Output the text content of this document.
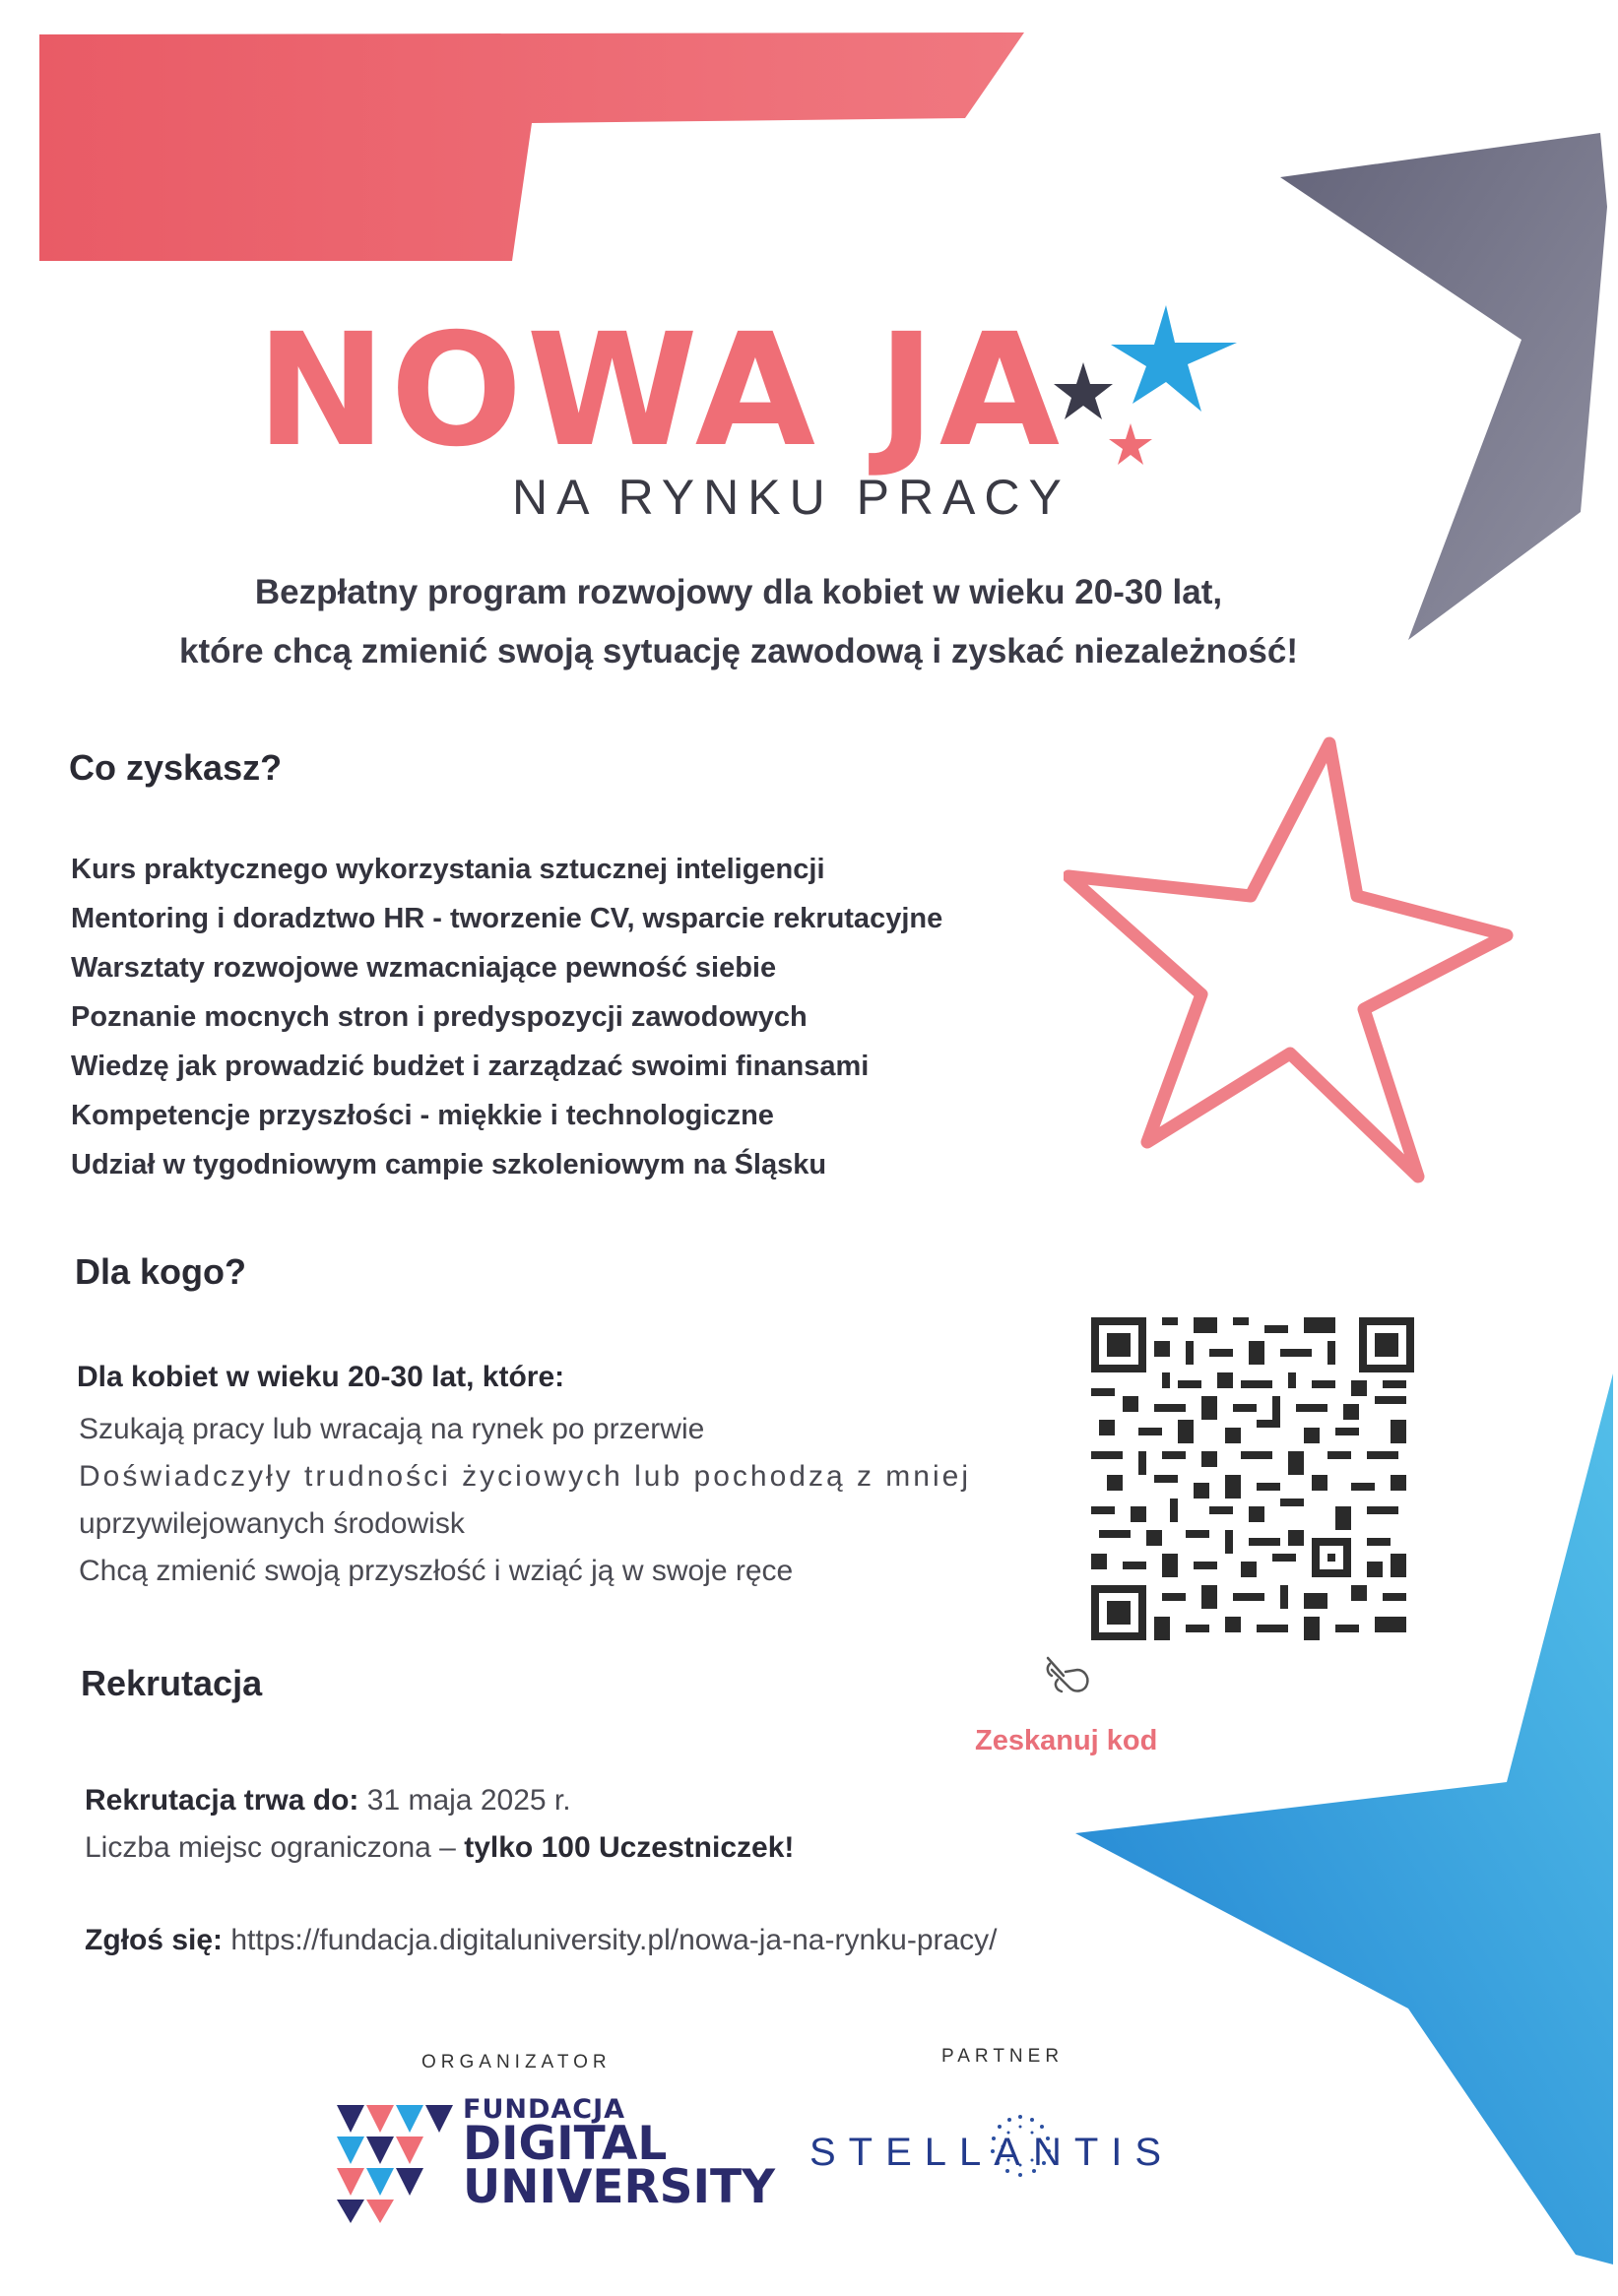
NOWA JA
NA RYNKU PRACY
Bezpłatny program rozwojowy dla kobiet w wieku 20-30 lat,
które chcą zmienić swoją sytuację zawodową i zyskać niezależność!
Co zyskasz?
Kurs praktycznego wykorzystania sztucznej inteligencji
Mentoring i doradztwo HR - tworzenie CV, wsparcie rekrutacyjne
Warsztaty rozwojowe wzmacniające pewność siebie
Poznanie mocnych stron i predyspozycji zawodowych
Wiedzę jak prowadzić budżet i zarządzać swoimi finansami
Kompetencje przyszłości - miękkie i technologiczne
Udział w tygodniowym campie szkoleniowym na Śląsku
Dla kogo?
Dla kobiet w wieku 20-30 lat, które:
Szukają pracy lub wracają na rynek po przerwie
Doświadczyły trudności życiowych lub pochodzą z mniej
uprzywilejowanych środowisk
Chcą zmienić swoją przyszłość i wziąć ją w swoje ręce
Rekrutacja
Rekrutacja trwa do: 31 maja 2025 r.
Liczba miejsc ograniczona – tylko 100 Uczestniczek!
Zgłoś się: https://fundacja.digitaluniversity.pl/nowa-ja-na-rynku-pracy/
Zeskanuj kod
ORGANIZATOR
FUNDACJA
DIGITAL
UNIVERSITY
PARTNER
STELLANTIS
